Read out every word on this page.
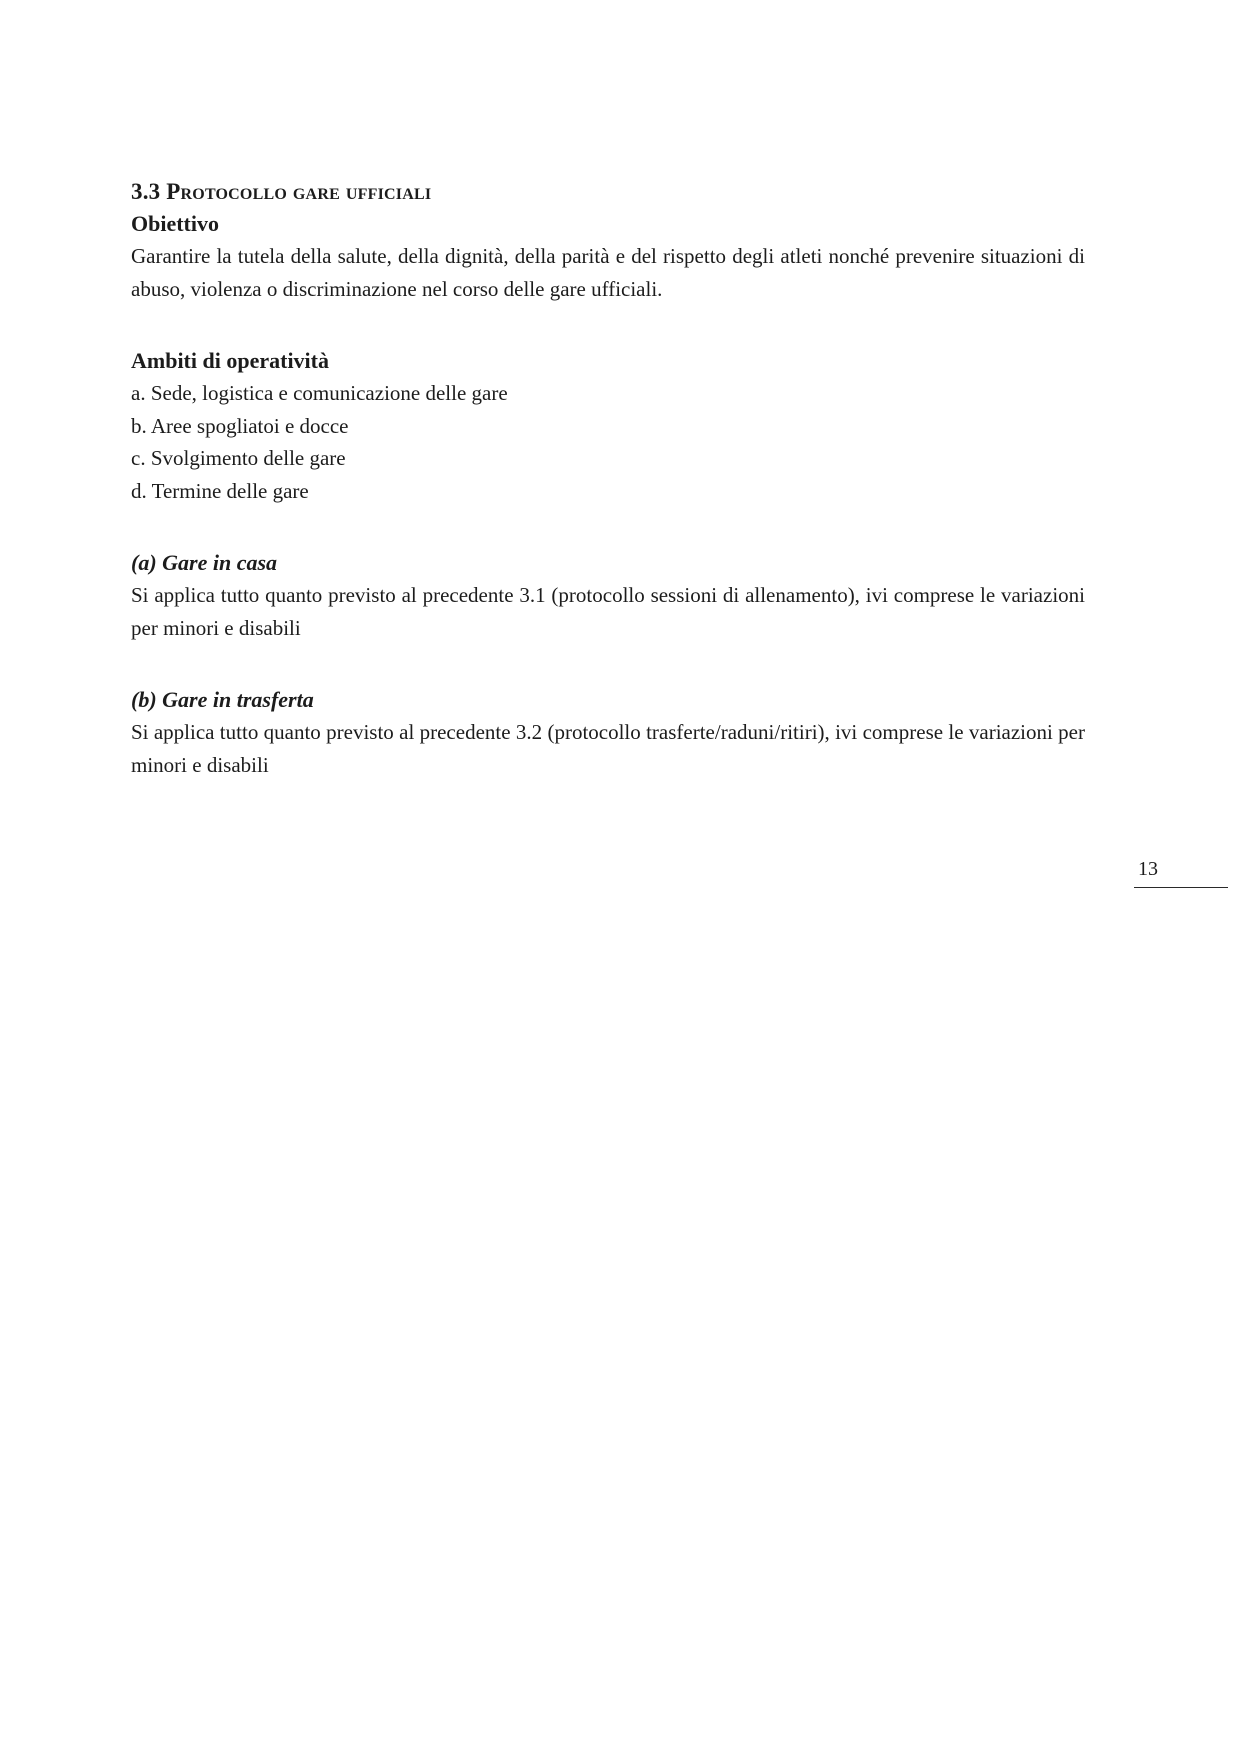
3.3 Protocollo gare ufficiali
Obiettivo

Garantire la tutela della salute, della dignità, della parità e del rispetto degli atleti nonché prevenire situazioni di abuso, violenza o discriminazione nel corso delle gare ufficiali.

Ambiti di operatività
a. Sede, logistica e comunicazione delle gare
b. Aree spogliatoi e docce
c. Svolgimento delle gare
d. Termine delle gare
(a) Gare in casa

Si applica tutto quanto previsto al precedente 3.1 (protocollo sessioni di allenamento), ivi comprese le variazioni per minori e disabili

(b) Gare in trasferta

Si applica tutto quanto previsto al precedente 3.2 (protocollo trasferte/raduni/ritiri), ivi comprese le variazioni per minori e disabili

13
